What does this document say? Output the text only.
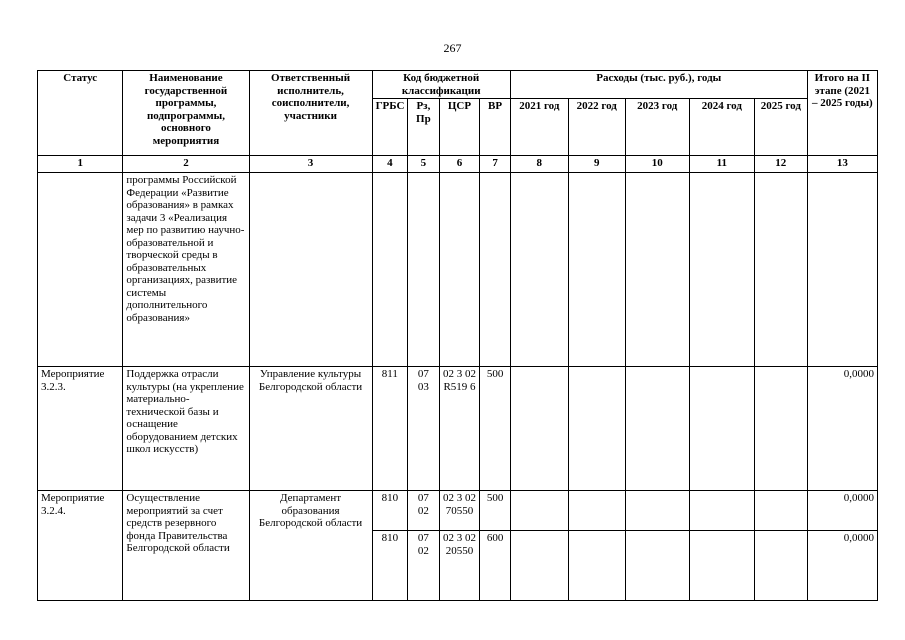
267
Статус	Наименование государственной программы, подпрограммы, основного мероприятия	Ответственный исполнитель, соисполнители, участники	Код бюджетной классификации				Расходы (тыс. руб.), годы					Итого на II этапе (2021 – 2025 годы)
			ГРБС	Рз, Пр	ЦСР	ВР	2021 год	2022 год	2023 год	2024 год	2025 год	
1	2	3	4	5	6	7	8	9	10	11	12	13
	программы Российской Федерации «Развитие образования» в рамках задачи 3 «Реализация мер по развитию научно-образовательной и творческой среды в образовательных организациях, развитие системы дополнительного образования»											
Мероприятие 3.2.3.	Поддержка отрасли культуры (на укрепление материально-технической базы и оснащение оборудованием детских школ искусств)	Управление культуры Белгородской области	811	07 03	02 3 02 R519 6	500						0,0000
Мероприятие 3.2.4.	Осуществление мероприятий за счет средств резервного фонда Правительства Белгородской области	Департамент образования Белгородской области	810	07 02	02 3 02 70550	500						0,0000
			810	07 02	02 3 02 20550	600						0,0000
